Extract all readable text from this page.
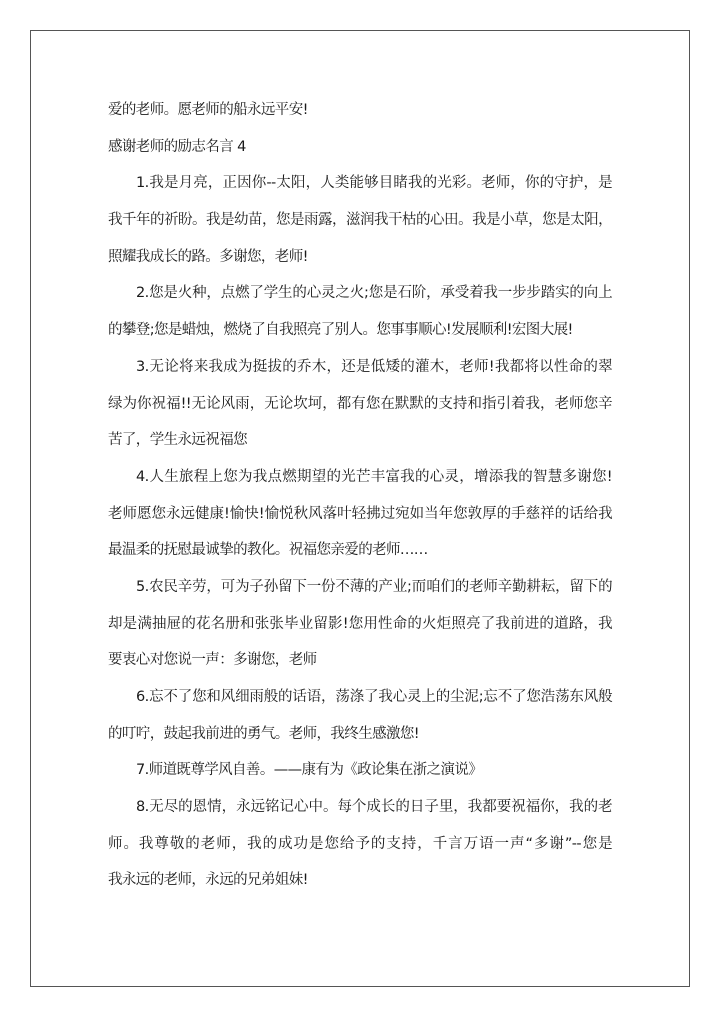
爱的老师。愿老师的船永远平安!
感谢老师的励志名言 4
1.我是月亮，正因你--太阳，人类能够目睹我的光彩。老师，你的守护，是
我千年的祈盼。我是幼苗，您是雨露，滋润我干枯的心田。我是小草，您是太阳，
照耀我成长的路。多谢您，老师!
2.您是火种，点燃了学生的心灵之火;您是石阶，承受着我一步步踏实的向上
的攀登;您是蜡烛，燃烧了自我照亮了别人。您事事顺心!发展顺利!宏图大展!
3.无论将来我成为挺拔的乔木，还是低矮的灌木，老师!我都将以性命的翠
绿为你祝福!!无论风雨，无论坎坷，都有您在默默的支持和指引着我，老师您辛
苦了，学生永远祝福您
4.人生旅程上您为我点燃期望的光芒丰富我的心灵，增添我的智慧多谢您!
老师愿您永远健康!愉快!愉悦秋风落叶轻拂过宛如当年您敦厚的手慈祥的话给我
最温柔的抚慰最诚挚的教化。祝福您亲爱的老师……
5.农民辛劳，可为子孙留下一份不薄的产业;而咱们的老师辛勤耕耘，留下的
却是满抽屉的花名册和张张毕业留影!您用性命的火炬照亮了我前进的道路，我
要衷心对您说一声：多谢您，老师
6.忘不了您和风细雨般的话语，荡涤了我心灵上的尘泥;忘不了您浩荡东风般
的叮咛，鼓起我前进的勇气。老师，我终生感激您!
7.师道既尊学风自善。——康有为《政论集在浙之演说》
8.无尽的恩情，永远铭记心中。每个成长的日子里，我都要祝福你，我的老
师。我尊敬的老师，我的成功是您给予的支持，千言万语一声“多谢”--您是
我永远的老师，永远的兄弟姐妹!
